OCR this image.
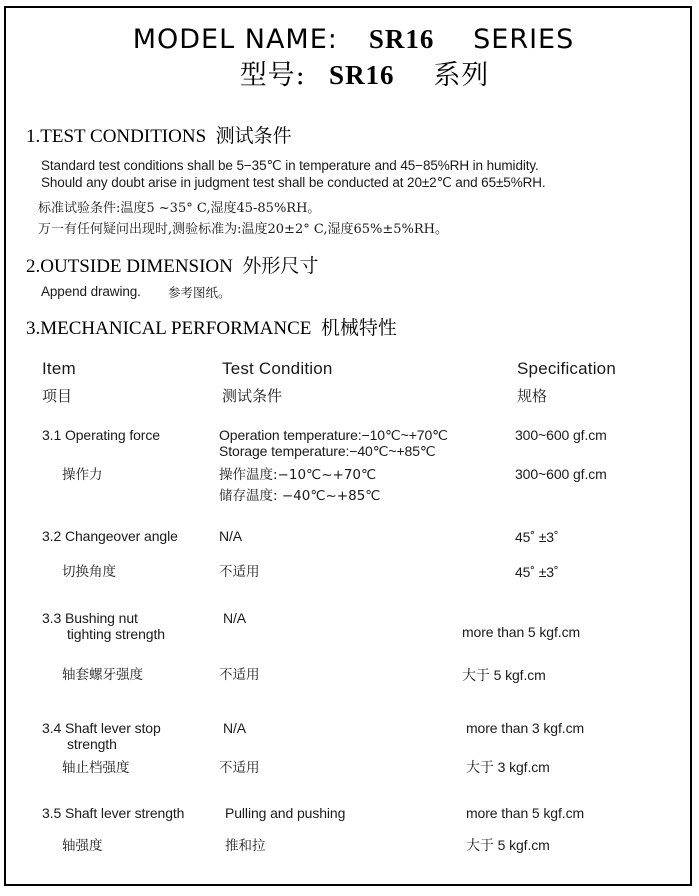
MODEL NAME: SR16 SERIES
型号: SR16 系列
1.TEST CONDITIONS 测试条件
Standard test conditions shall be 5−35℃ in temperature and 45−85%RH in humidity.
Should any doubt arise in judgment test shall be conducted at 20±2℃ and 65±5%RH.
标准试验条件:温度5 ~35° C,湿度45-85%RH。
万一有任何疑问出现时,测验标准为:温度20±2° C,湿度65%±5%RH。
2.OUTSIDE DIMENSION 外形尺寸
Append drawing. 参考图纸。
3.MECHANICAL PERFORMANCE 机械特性
Item
项目
Test Condition
测试条件
Specification
规格
3.1 Operating force
操作力
Operation temperature:−10℃~+70℃
Storage temperature:−40℃~+85℃
操作温度:−10℃~+70℃
储存温度: −40℃~+85℃
300~600 gf.cm
300~600 gf.cm
3.2 Changeover angle
切换角度
N/A
不适用
45˚ ±3˚
45˚ ±3˚
3.3 Bushing nut
tighting strength
轴套螺牙强度
N/A
不适用
more than 5 kgf.cm
大于 5 kgf.cm
3.4 Shaft lever stop
strength
轴止档强度
N/A
不适用
more than 3 kgf.cm
大于 3 kgf.cm
3.5 Shaft lever strength
轴强度
Pulling and pushing
推和拉
more than 5 kgf.cm
大于 5 kgf.cm
